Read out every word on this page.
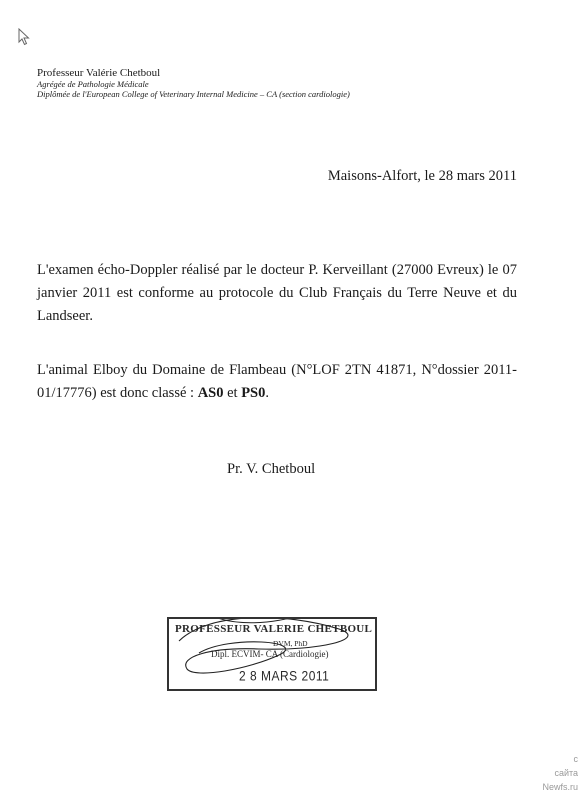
Professeur Valérie Chetboul
Agrégée de Pathologie Médicale
Diplômée de l'European College of Veterinary Internal Medicine – CA (section cardiologie)
Maisons-Alfort, le 28 mars 2011
L'examen écho-Doppler réalisé par le docteur P. Kerveillant (27000 Evreux) le 07 janvier 2011 est conforme au protocole du Club Français du Terre Neuve et du Landseer.
L'animal Elboy du Domaine de Flambeau (N°LOF 2TN 41871, N°dossier 2011-01/17776) est donc classé : AS0 et PS0.
Pr. V. Chetboul
PROFESSEUR VALERIE CHETBOUL
DVM, PhD
Dipl. ECVIM- CA (Cardiologie)
2 8 MARS 2011
с
сайта
Newfs.ru
